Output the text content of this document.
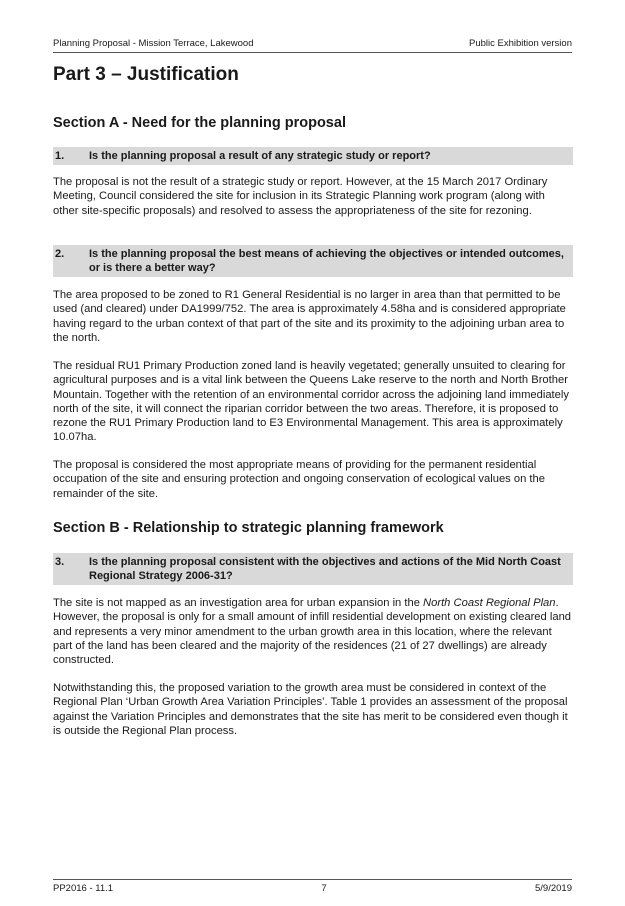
Planning Proposal - Mission Terrace, Lakewood	Public Exhibition version
Part 3 – Justification
Section A - Need for the planning proposal
1.	Is the planning proposal a result of any strategic study or report?

The proposal is not the result of a strategic study or report. However, at the 15 March 2017 Ordinary Meeting, Council considered the site for inclusion in its Strategic Planning work program (along with other site-specific proposals) and resolved to assess the appropriateness of the site for rezoning.

2.	Is the planning proposal the best means of achieving the objectives or intended outcomes, or is there a better way?

The area proposed to be zoned to R1 General Residential is no larger in area than that permitted to be used (and cleared) under DA1999/752. The area is approximately 4.58ha and is considered appropriate having regard to the urban context of that part of the site and its proximity to the adjoining urban area to the north.

The residual RU1 Primary Production zoned land is heavily vegetated; generally unsuited to clearing for agricultural purposes and is a vital link between the Queens Lake reserve to the north and North Brother Mountain. Together with the retention of an environmental corridor across the adjoining land immediately north of the site, it will connect the riparian corridor between the two areas. Therefore, it is proposed to rezone the RU1 Primary Production land to E3 Environmental Management. This area is approximately 10.07ha.

The proposal is considered the most appropriate means of providing for the permanent residential occupation of the site and ensuring protection and ongoing conservation of ecological values on the remainder of the site.

Section B - Relationship to strategic planning framework
3.	Is the planning proposal consistent with the objectives and actions of the Mid North Coast Regional Strategy 2006-31?

The site is not mapped as an investigation area for urban expansion in the North Coast Regional Plan. However, the proposal is only for a small amount of infill residential development on existing cleared land and represents a very minor amendment to the urban growth area in this location, where the relevant part of the land has been cleared and the majority of the residences (21 of 27 dwellings) are already constructed.

Notwithstanding this, the proposed variation to the growth area must be considered in context of the Regional Plan ‘Urban Growth Area Variation Principles’. Table 1 provides an assessment of the proposal against the Variation Principles and demonstrates that the site has merit to be considered even though it is outside the Regional Plan process.

PP2016 - 11.1	7	5/9/2019
